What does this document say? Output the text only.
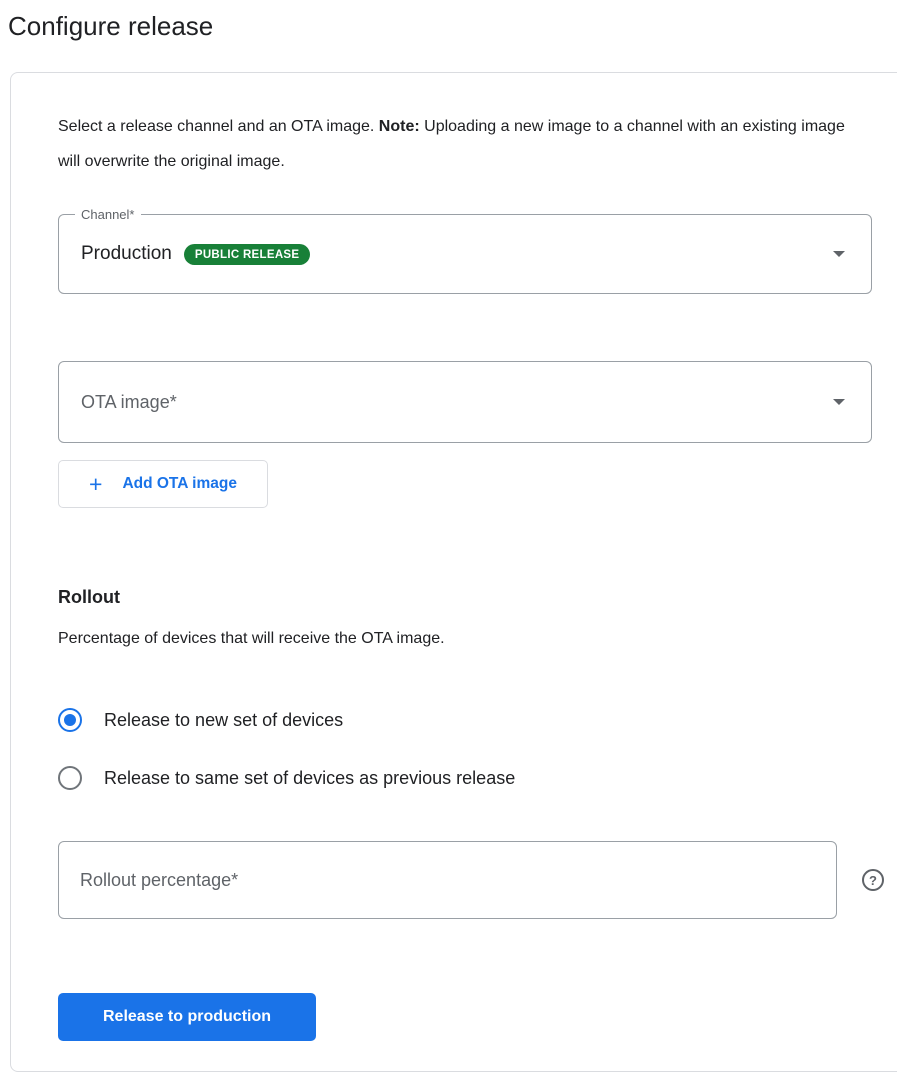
Configure release

Select a release channel and an OTA image. Note: Uploading a new image to a channel with an existing image will overwrite the original image.

Channel*
Production	PUBLIC RELEASE
OTA image*
+ Add OTA image
Rollout

Percentage of devices that will receive the OTA image.

Release to new set of devices
Release to same set of devices as previous release
Rollout percentage*
?
Release to production
